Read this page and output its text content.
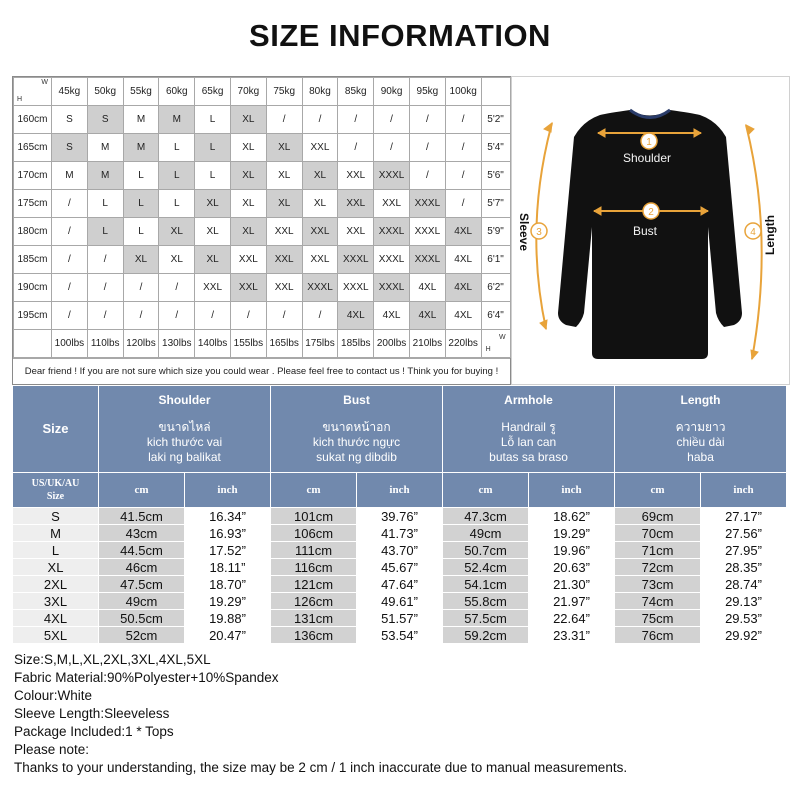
SIZE INFORMATION
H
W	45kg	50kg	55kg	60kg	65kg	70kg	75kg	80kg	85kg	90kg	95kg	100kg	
160cm	S	S	M	M	L	XL	/	/	/	/	/	/	5'2"
165cm	S	M	M	L	L	XL	XL	XXL	/	/	/	/	5'4"
170cm	M	M	L	L	L	XL	XL	XL	XXL	XXXL	/	/	5'6"
175cm	/	L	L	L	XL	XL	XL	XL	XXL	XXL	XXXL	/	5'7"
180cm	/	L	L	XL	XL	XL	XXL	XXL	XXL	XXXL	XXXL	4XL	5'9"
185cm	/	/	XL	XL	XL	XXL	XXL	XXL	XXXL	XXXL	XXXL	4XL	6'1"
190cm	/	/	/	/	XXL	XXL	XXL	XXXL	XXXL	XXXL	4XL	4XL	6'2"
195cm	/	/	/	/	/	/	/	/	4XL	4XL	4XL	4XL	6'4"
	100lbs	110lbs	120lbs	130lbs	140lbs	155lbs	165lbs	175lbs	185lbs	200lbs	210lbs	220lbs	H
W
Dear friend ! If you are not sure which size you could wear . Please feel free to contact us ! Think you for buying !
1
Shoulder
2
Bust
3
Sleeve	4 Length
Size	Shoulder
ขนาดไหล่
kich thước vai
laki ng balikat		Bust
ขนาดหน้าอก
kich thước ngực
sukat ng dibdib		Armhole
Handrail รู
Lỗ lan can
butas sa braso		Length
ความยาว
chiều dài
haba	

US/UK/AU
Size	cm	inch	cm	inch	cm	inch	cm	inch
S	41.5cm	16.34”	101cm	39.76”	47.3cm	18.62”	69cm	27.17”
M	43cm	16.93”	106cm	41.73”	49cm	19.29”	70cm	27.56”
L	44.5cm	17.52”	111cm	43.70”	50.7cm	19.96”	71cm	27.95”
XL	46cm	18.11”	116cm	45.67”	52.4cm	20.63”	72cm	28.35”
2XL	47.5cm	18.70”	121cm	47.64”	54.1cm	21.30”	73cm	28.74”
3XL	49cm	19.29”	126cm	49.61”	55.8cm	21.97”	74cm	29.13”
4XL	50.5cm	19.88”	131cm	51.57”	57.5cm	22.64”	75cm	29.53”
5XL	52cm	20.47”	136cm	53.54”	59.2cm	23.31”	76cm	29.92”
Size:S,M,L,XL,2XL,3XL,4XL,5XL
Fabric Material:90%Polyester+10%Spandex
Colour:White
Sleeve Length:Sleeveless
Package Included:1 * Tops
Please note:
Thanks to your understanding, the size may be 2 cm / 1 inch inaccurate due to manual measurements.
